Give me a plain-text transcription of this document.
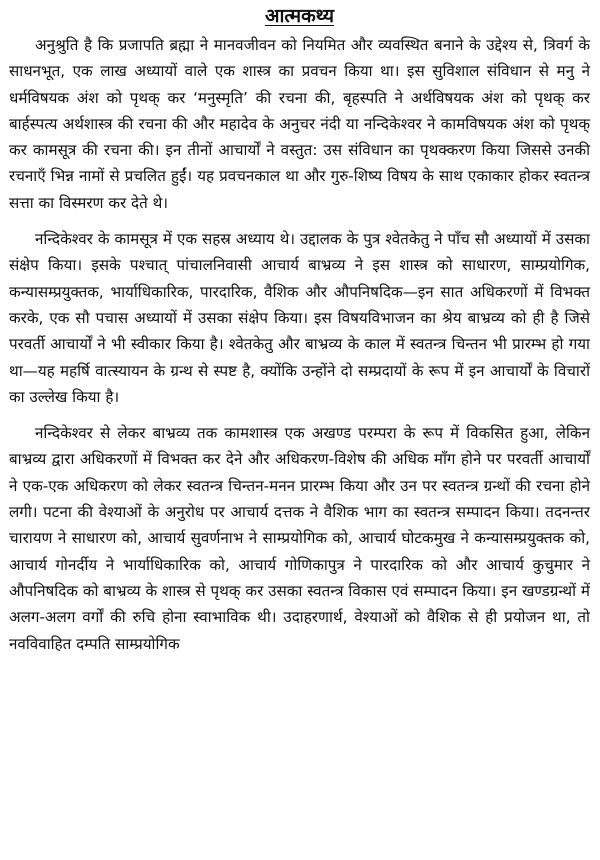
आत्मकथ्य

अनुश्रुति है कि प्रजापति ब्रह्मा ने मानवजीवन को नियमित और व्यवस्थित बनाने के उद्देश्य से, त्रिवर्ग के साधनभूत, एक लाख अध्यायों वाले एक शास्त्र का प्रवचन किया था। इस सुविशाल संविधान से मनु ने धर्मविषयक अंश को पृथक् कर ‘मनुस्मृति’ की रचना की, बृहस्पति ने अर्थविषयक अंश को पृथक् कर बार्हस्पत्य अर्थशास्त्र की रचना की और महादेव के अनुचर नंदी या नन्दिकेश्वर ने कामविषयक अंश को पृथक् कर कामसूत्र की रचना की। इन तीनों आचार्यों ने वस्तुत: उस संविधान का पृथक्करण किया जिससे उनकी रचनाएँ भिन्न नामों से प्रचलित हुईं। यह प्रवचनकाल था और गुरु-शिष्य विषय के साथ एकाकार होकर स्वतन्त्र सत्ता का विस्मरण कर देते थे।

नन्दिकेश्वर के कामसूत्र में एक सहस्र अध्याय थे। उद्दालक के पुत्र श्वेतकेतु ने पाँच सौ अध्यायों में उसका संक्षेप किया। इसके पश्चात् पांचालनिवासी आचार्य बाभ्रव्य ने इस शास्त्र को साधारण, साम्प्रयोगिक, कन्यासम्प्रयुक्तक, भार्याधिकारिक, पारदारिक, वैशिक और औपनिषदिक—इन सात अधिकरणों में विभक्त करके, एक सौ पचास अध्यायों में उसका संक्षेप किया। इस विषयविभाजन का श्रेय बाभ्रव्य को ही है जिसे परवर्ती आचार्यों ने भी स्वीकार किया है। श्वेतकेतु और बाभ्रव्य के काल में स्वतन्त्र चिन्तन भी प्रारम्भ हो गया था—यह महर्षि वात्स्यायन के ग्रन्थ से स्पष्ट है, क्योंकि उन्होंने दो सम्प्रदायों के रूप में इन आचार्यों के विचारों का उल्लेख किया है।

नन्दिकेश्वर से लेकर बाभ्रव्य तक कामशास्त्र एक अखण्ड परम्परा के रूप में विकसित हुआ, लेकिन बाभ्रव्य द्वारा अधिकरणों में विभक्त कर देने और अधिकरण-विशेष की अधिक माँग होने पर परवर्ती आचार्यों ने एक-एक अधिकरण को लेकर स्वतन्त्र चिन्तन-मनन प्रारम्भ किया और उन पर स्वतन्त्र ग्रन्थों की रचना होने लगी। पटना की वेश्याओं के अनुरोध पर आचार्य दत्तक ने वैशिक भाग का स्वतन्त्र सम्पादन किया। तदनन्तर चारायण ने साधारण को, आचार्य सुवर्णनाभ ने साम्प्रयोगिक को, आचार्य घोटकमुख ने कन्यासम्प्रयुक्तक को, आचार्य गोनर्दीय ने भार्याधिकारिक को, आचार्य गोणिकापुत्र ने पारदारिक को और आचार्य कुचुमार ने औपनिषदिक को बाभ्रव्य के शास्त्र से पृथक् कर उसका स्वतन्त्र विकास एवं सम्पादन किया। इन खण्डग्रन्थों में अलग-अलग वर्गों की रुचि होना स्वाभाविक थी। उदाहरणार्थ, वेश्याओं को वैशिक से ही प्रयोजन था, तो नवविवाहित दम्पति साम्प्रयोगिक
